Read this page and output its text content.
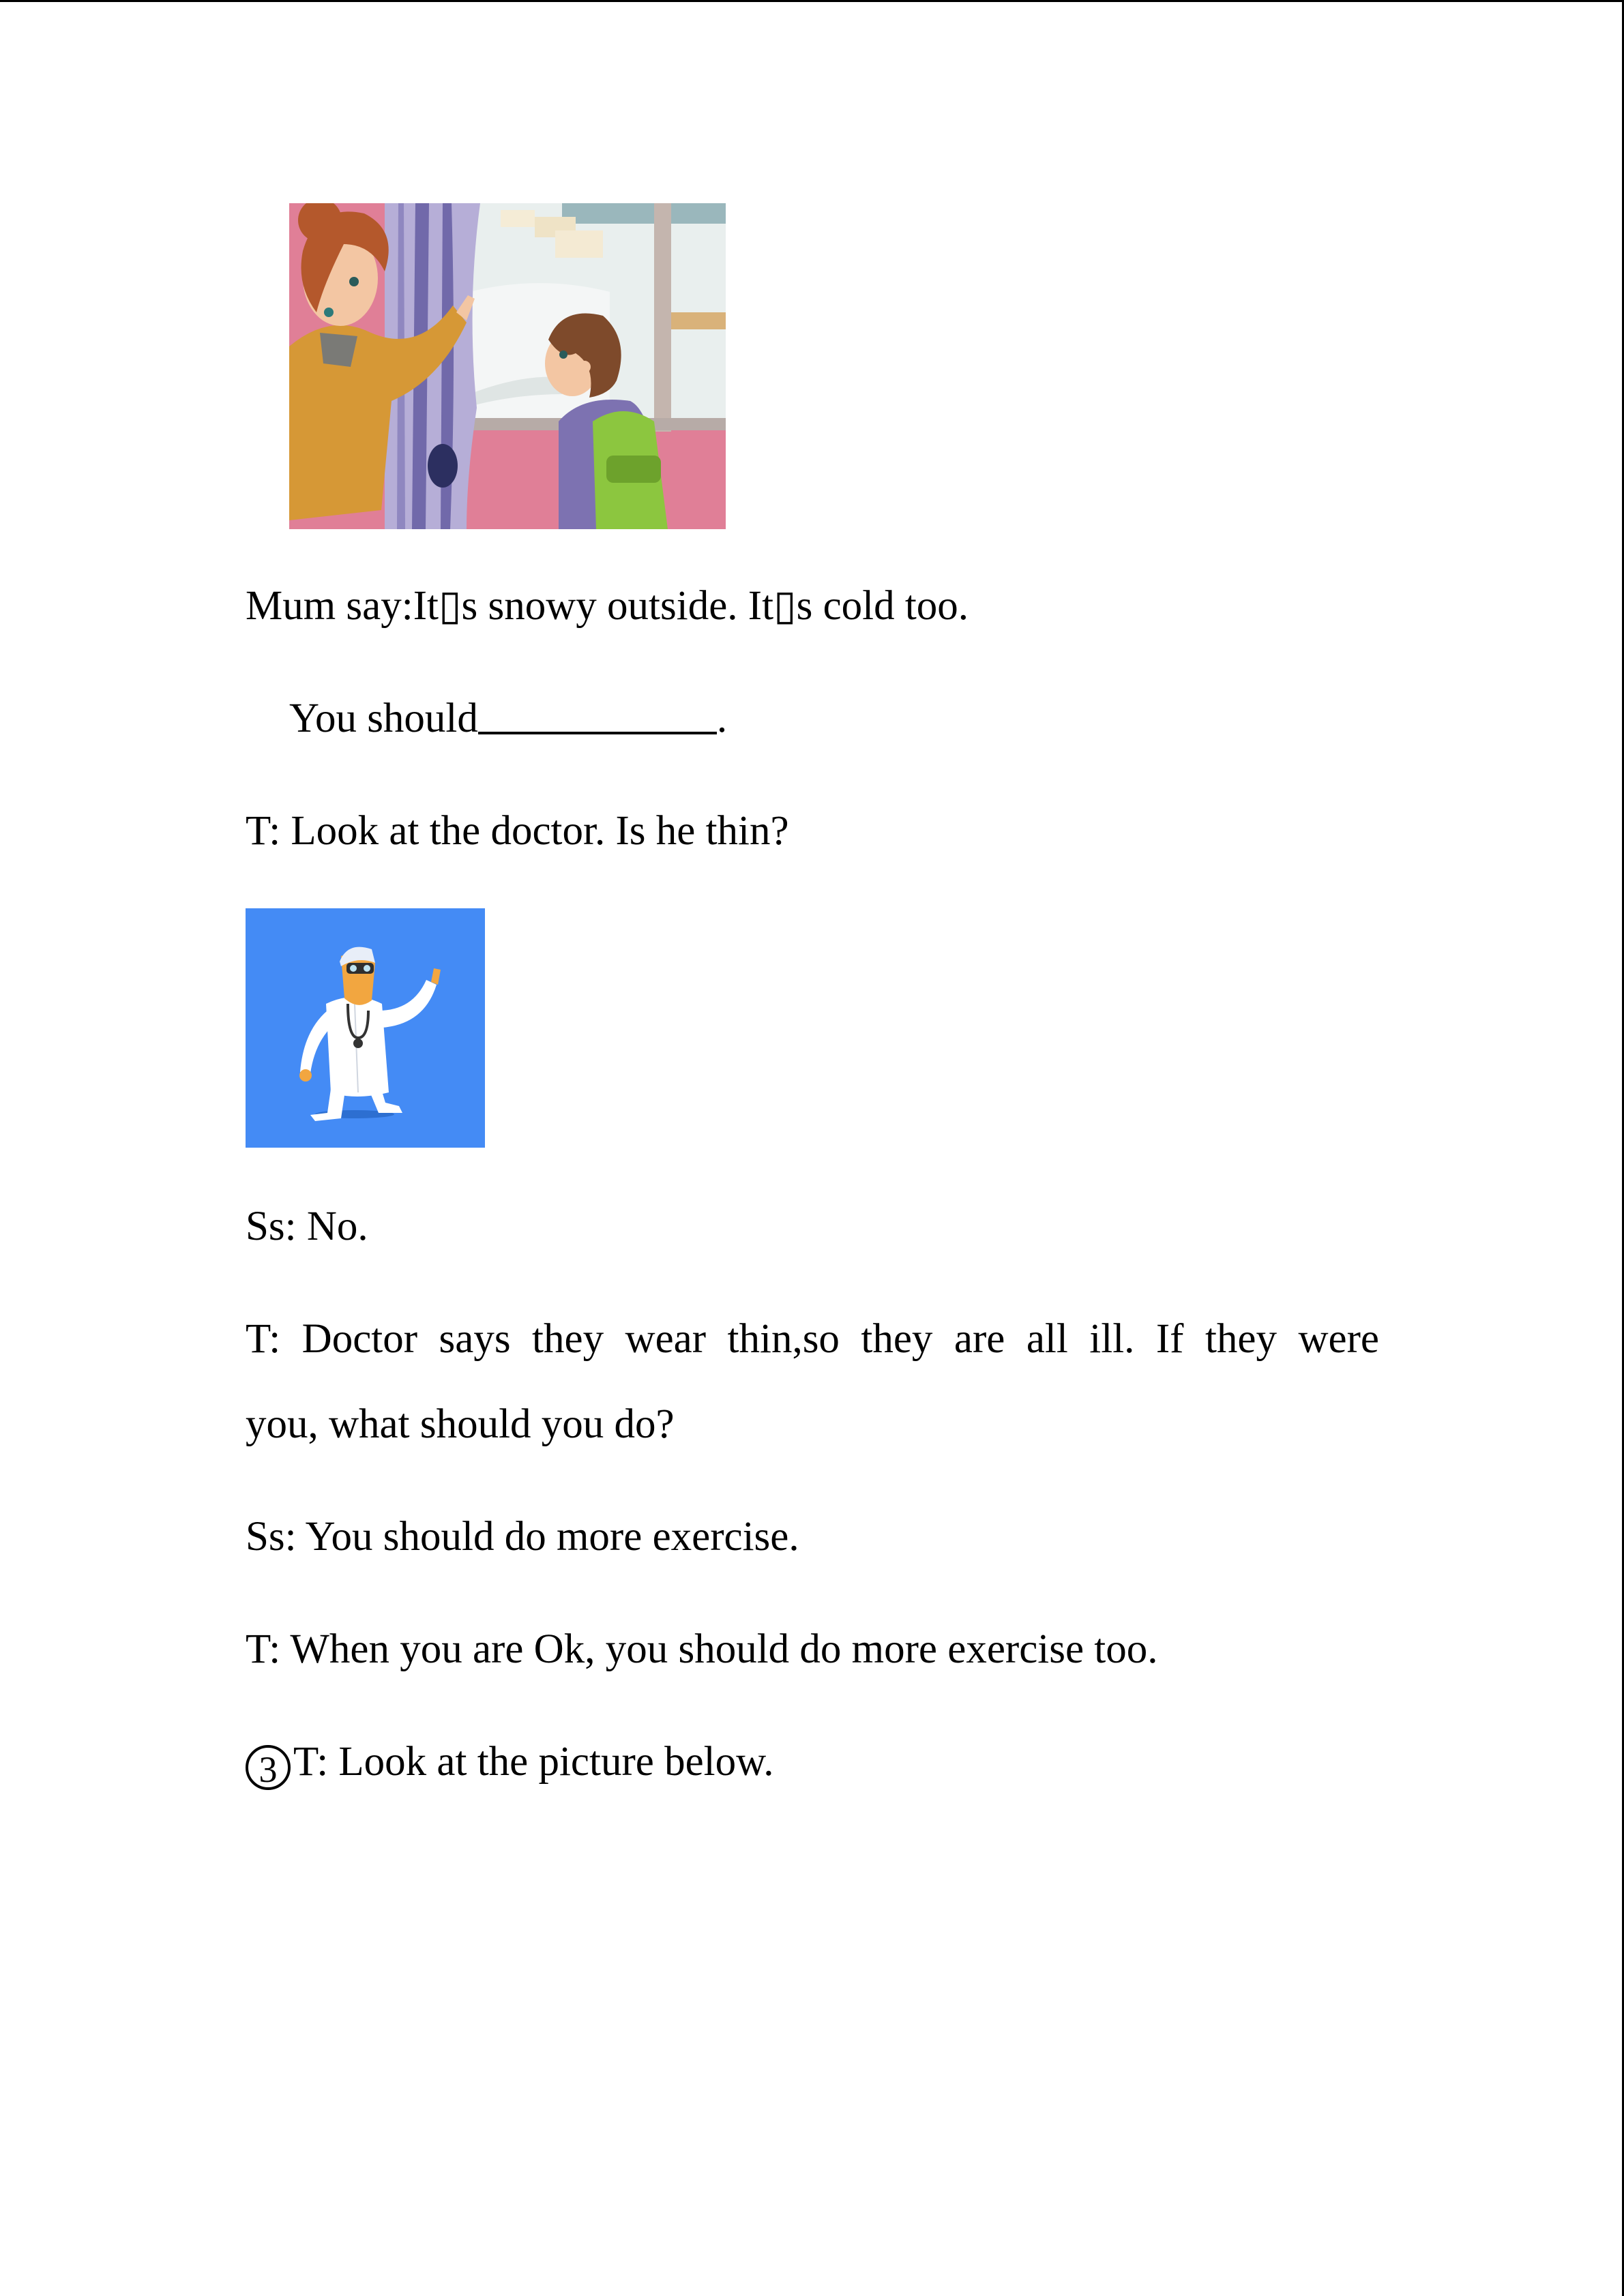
Mum say:It▯s snowy outside. It▯s cold too.
You should	.
T: Look at the doctor. Is he thin?
Ss: No.
T: Doctor says they wear thin,so they are all ill. If they were
you, what should you do?
Ss: You should do more exercise.
T: When you are Ok, you should do more exercise too.
3 T: Look at the picture below.
